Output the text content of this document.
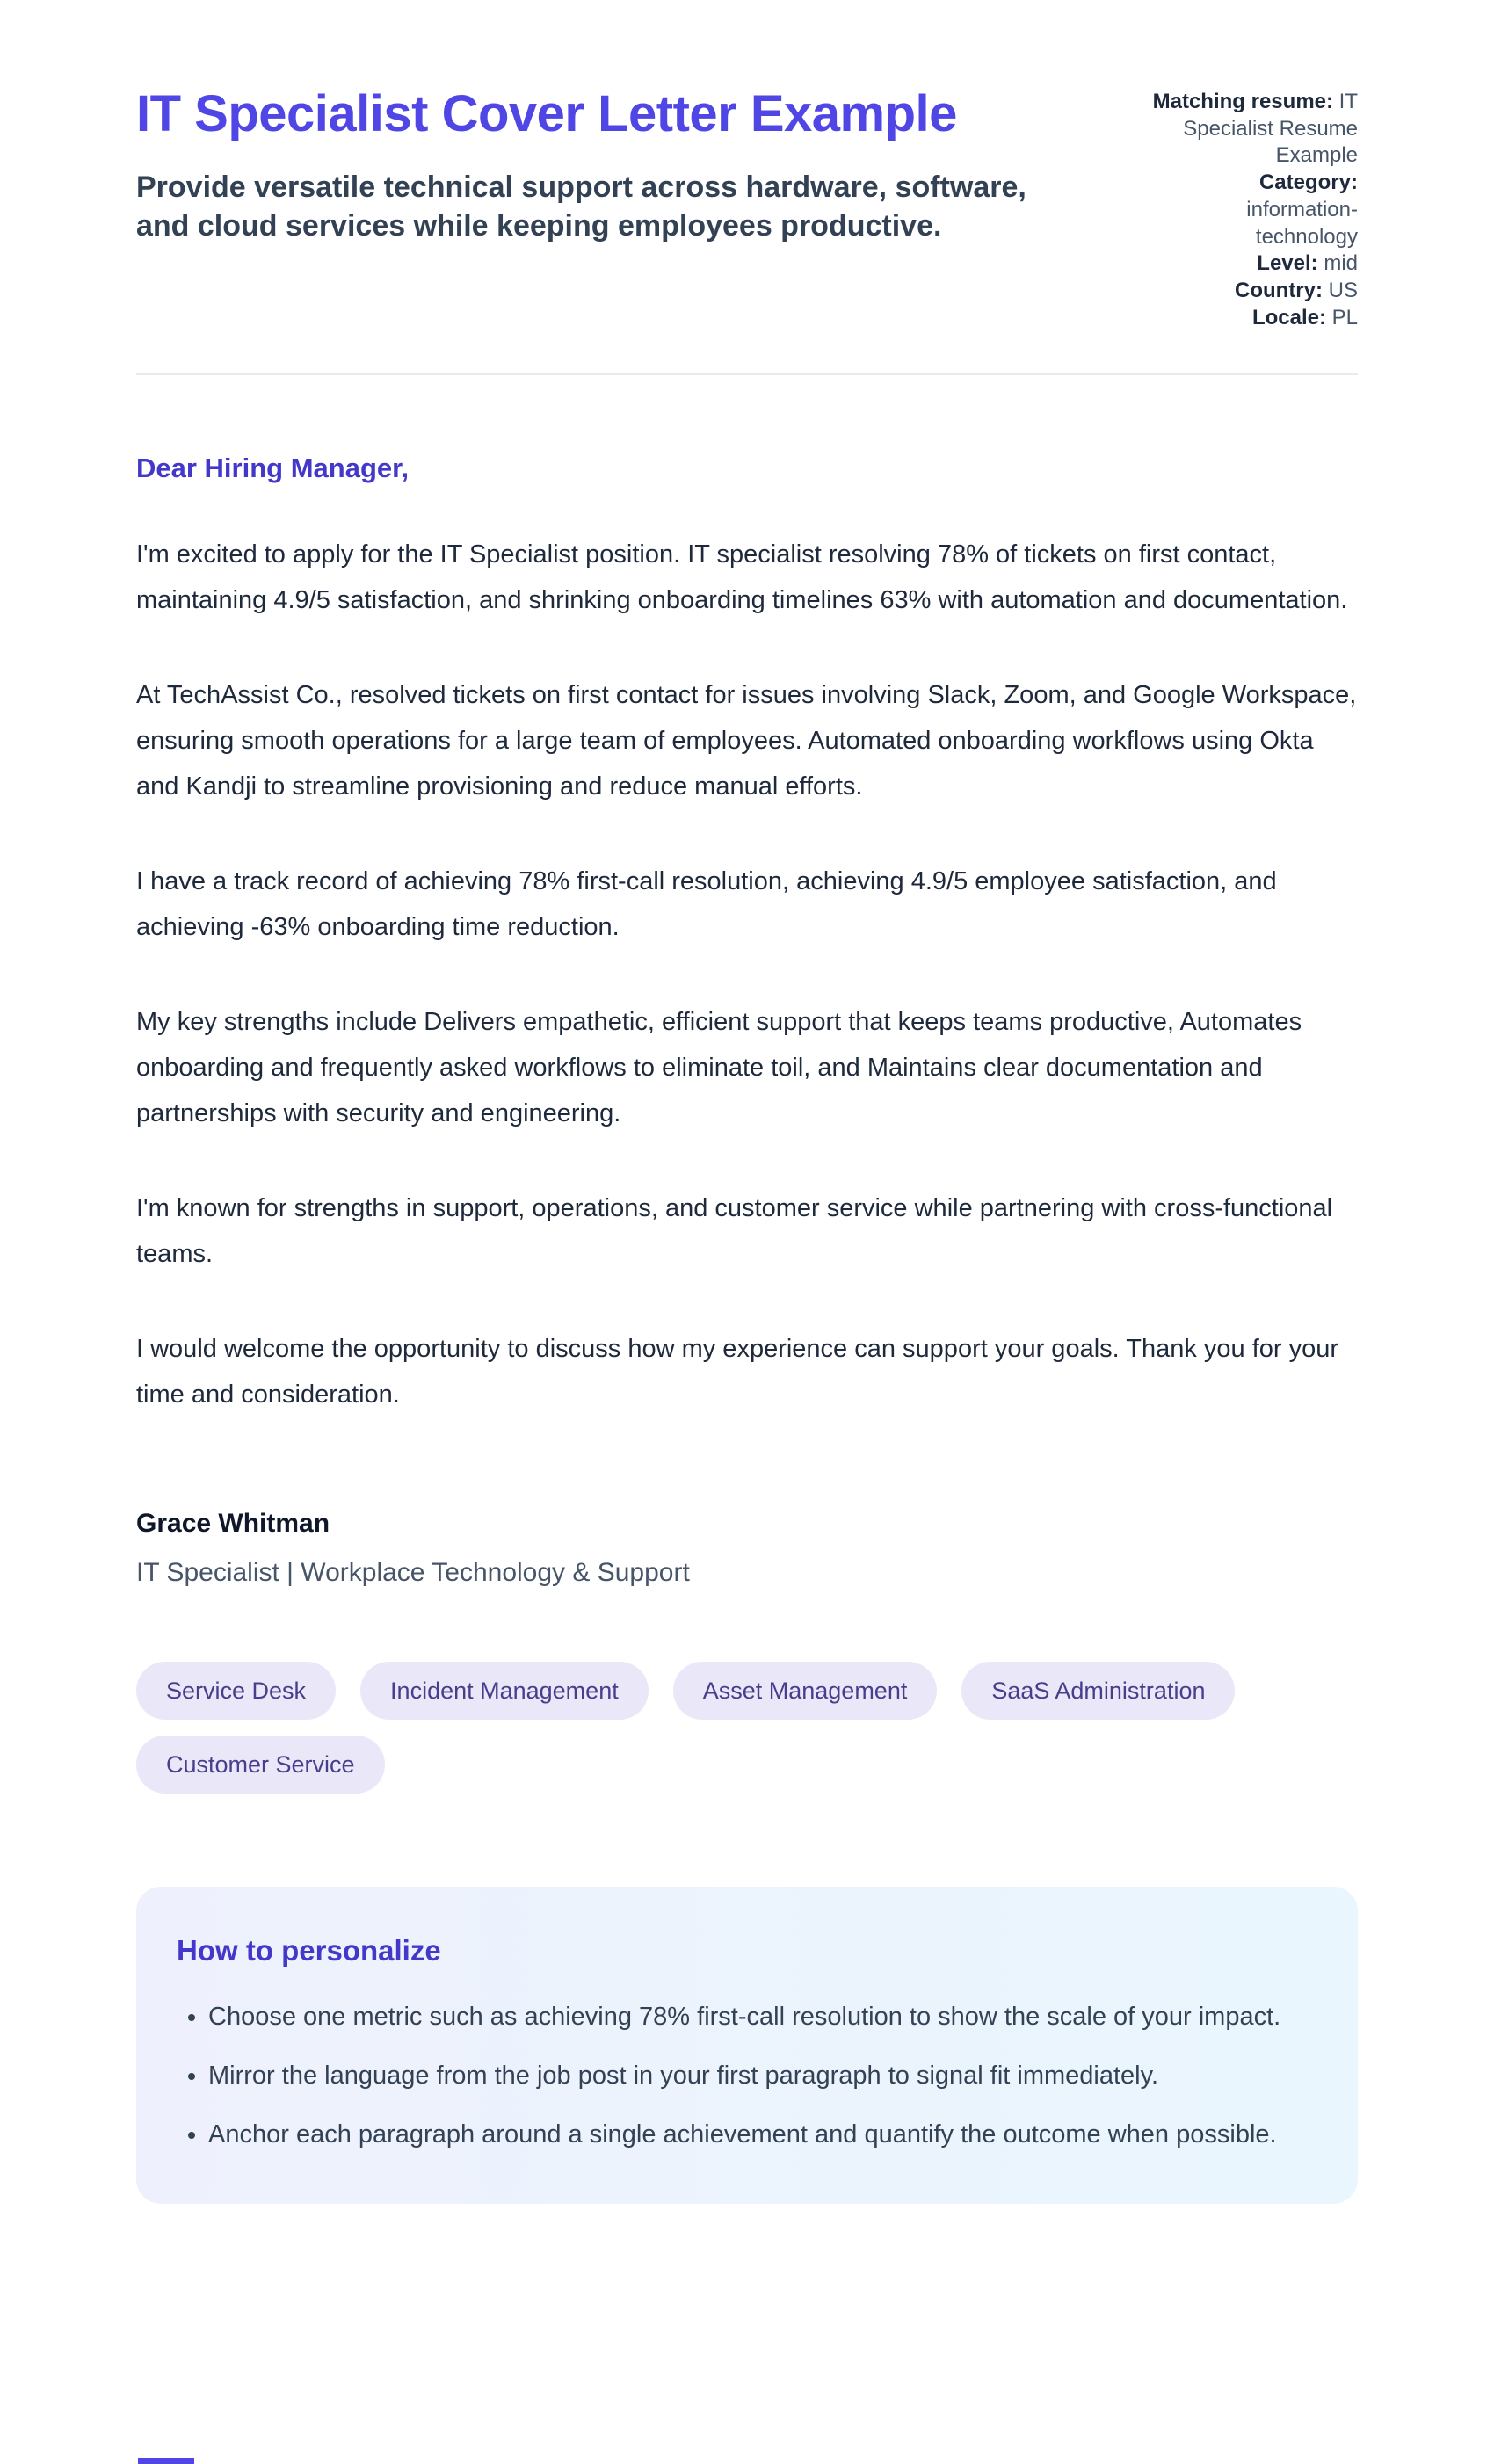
IT Specialist Cover Letter Example

Provide versatile technical support across hardware, software, and cloud services while keeping employees productive.

Matching resume: IT Specialist Resume Example
Category: information-technology
Level: mid
Country: US
Locale: PL

Dear Hiring Manager,

I'm excited to apply for the IT Specialist position. IT specialist resolving 78% of tickets on first contact, maintaining 4.9/5 satisfaction, and shrinking onboarding timelines 63% with automation and documentation.

At TechAssist Co., resolved tickets on first contact for issues involving Slack, Zoom, and Google Workspace, ensuring smooth operations for a large team of employees. Automated onboarding workflows using Okta and Kandji to streamline provisioning and reduce manual efforts.

I have a track record of achieving 78% first-call resolution, achieving 4.9/5 employee satisfaction, and achieving -63% onboarding time reduction.

My key strengths include Delivers empathetic, efficient support that keeps teams productive, Automates onboarding and frequently asked workflows to eliminate toil, and Maintains clear documentation and partnerships with security and engineering.

I'm known for strengths in support, operations, and customer service while partnering with cross-functional teams.

I would welcome the opportunity to discuss how my experience can support your goals. Thank you for your time and consideration.

Grace Whitman

IT Specialist | Workplace Technology & Support

Service Desk	Incident Management	Asset Management	SaaS Administration
Customer Service
How to personalize
• Choose one metric such as achieving 78% first-call resolution to show the scale of your impact.
• Mirror the language from the job post in your first paragraph to signal fit immediately.
• Anchor each paragraph around a single achievement and quantify the outcome when possible.
